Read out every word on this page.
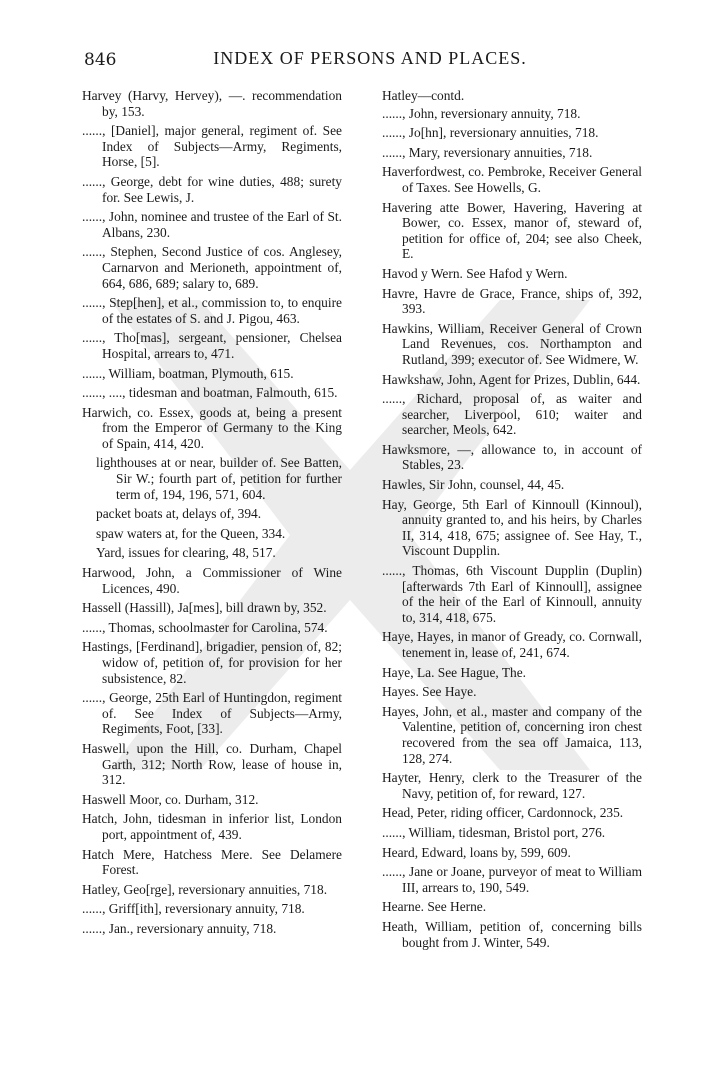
846	INDEX OF PERSONS AND PLACES.

Harvey (Harvy, Hervey), —. recommendation by, 153.

......, [Daniel], major general, regiment of. See Index of Subjects—Army, Regiments, Horse, [5].

......, George, debt for wine duties, 488; surety for. See Lewis, J.

......, John, nominee and trustee of the Earl of St. Albans, 230.

......, Stephen, Second Justice of cos. Anglesey, Carnarvon and Merioneth, appointment of, 664, 686, 689; salary to, 689.

......, Step[hen], et al., commission to, to enquire of the estates of S. and J. Pigou, 463.

......, Tho[mas], sergeant, pensioner, Chelsea Hospital, arrears to, 471.

......, William, boatman, Plymouth, 615.

......, ...., tidesman and boatman, Falmouth, 615.

Harwich, co. Essex, goods at, being a present from the Emperor of Germany to the King of Spain, 414, 420.

lighthouses at or near, builder of. See Batten, Sir W.; fourth part of, petition for further term of, 194, 196, 571, 604.

packet boats at, delays of, 394.

spaw waters at, for the Queen, 334.

Yard, issues for clearing, 48, 517.

Harwood, John, a Commissioner of Wine Licences, 490.

Hassell (Hassill), Ja[mes], bill drawn by, 352.

......, Thomas, schoolmaster for Carolina, 574.

Hastings, [Ferdinand], brigadier, pension of, 82; widow of, petition of, for provision for her subsistence, 82.

......, George, 25th Earl of Huntingdon, regiment of. See Index of Subjects—Army, Regiments, Foot, [33].

Haswell, upon the Hill, co. Durham, Chapel Garth, 312; North Row, lease of house in, 312.

Haswell Moor, co. Durham, 312.

Hatch, John, tidesman in inferior list, London port, appointment of, 439.

Hatch Mere, Hatchess Mere. See Delamere Forest.

Hatley, Geo[rge], reversionary annuities, 718.

......, Griff[ith], reversionary annuity, 718.

......, Jan., reversionary annuity, 718.

Hatley—contd.

......, John, reversionary annuity, 718.

......, Jo[hn], reversionary annuities, 718.

......, Mary, reversionary annuities, 718.

Haverfordwest, co. Pembroke, Receiver General of Taxes. See Howells, G.

Havering atte Bower, Havering, Havering at Bower, co. Essex, manor of, steward of, petition for office of, 204; see also Cheek, E.

Havod y Wern. See Hafod y Wern.

Havre, Havre de Grace, France, ships of, 392, 393.

Hawkins, William, Receiver General of Crown Land Revenues, cos. Northampton and Rutland, 399; executor of. See Widmere, W.

Hawkshaw, John, Agent for Prizes, Dublin, 644.

......, Richard, proposal of, as waiter and searcher, Liverpool, 610; waiter and searcher, Meols, 642.

Hawksmore, —, allowance to, in account of Stables, 23.

Hawles, Sir John, counsel, 44, 45.

Hay, George, 5th Earl of Kinnoull (Kinnoul), annuity granted to, and his heirs, by Charles II, 314, 418, 675; assignee of. See Hay, T., Viscount Dupplin.

......, Thomas, 6th Viscount Dupplin (Duplin) [afterwards 7th Earl of Kinnoull], assignee of the heir of the Earl of Kinnoull, annuity to, 314, 418, 675.

Haye, Hayes, in manor of Gready, co. Cornwall, tenement in, lease of, 241, 674.

Haye, La. See Hague, The.

Hayes. See Haye.

Hayes, John, et al., master and company of the Valentine, petition of, concerning iron chest recovered from the sea off Jamaica, 113, 128, 274.

Hayter, Henry, clerk to the Treasurer of the Navy, petition of, for reward, 127.

Head, Peter, riding officer, Cardonnock, 235.

......, William, tidesman, Bristol port, 276.

Heard, Edward, loans by, 599, 609.

......, Jane or Joane, purveyor of meat to William III, arrears to, 190, 549.

Hearne. See Herne.

Heath, William, petition of, concerning bills bought from J. Winter, 549.
